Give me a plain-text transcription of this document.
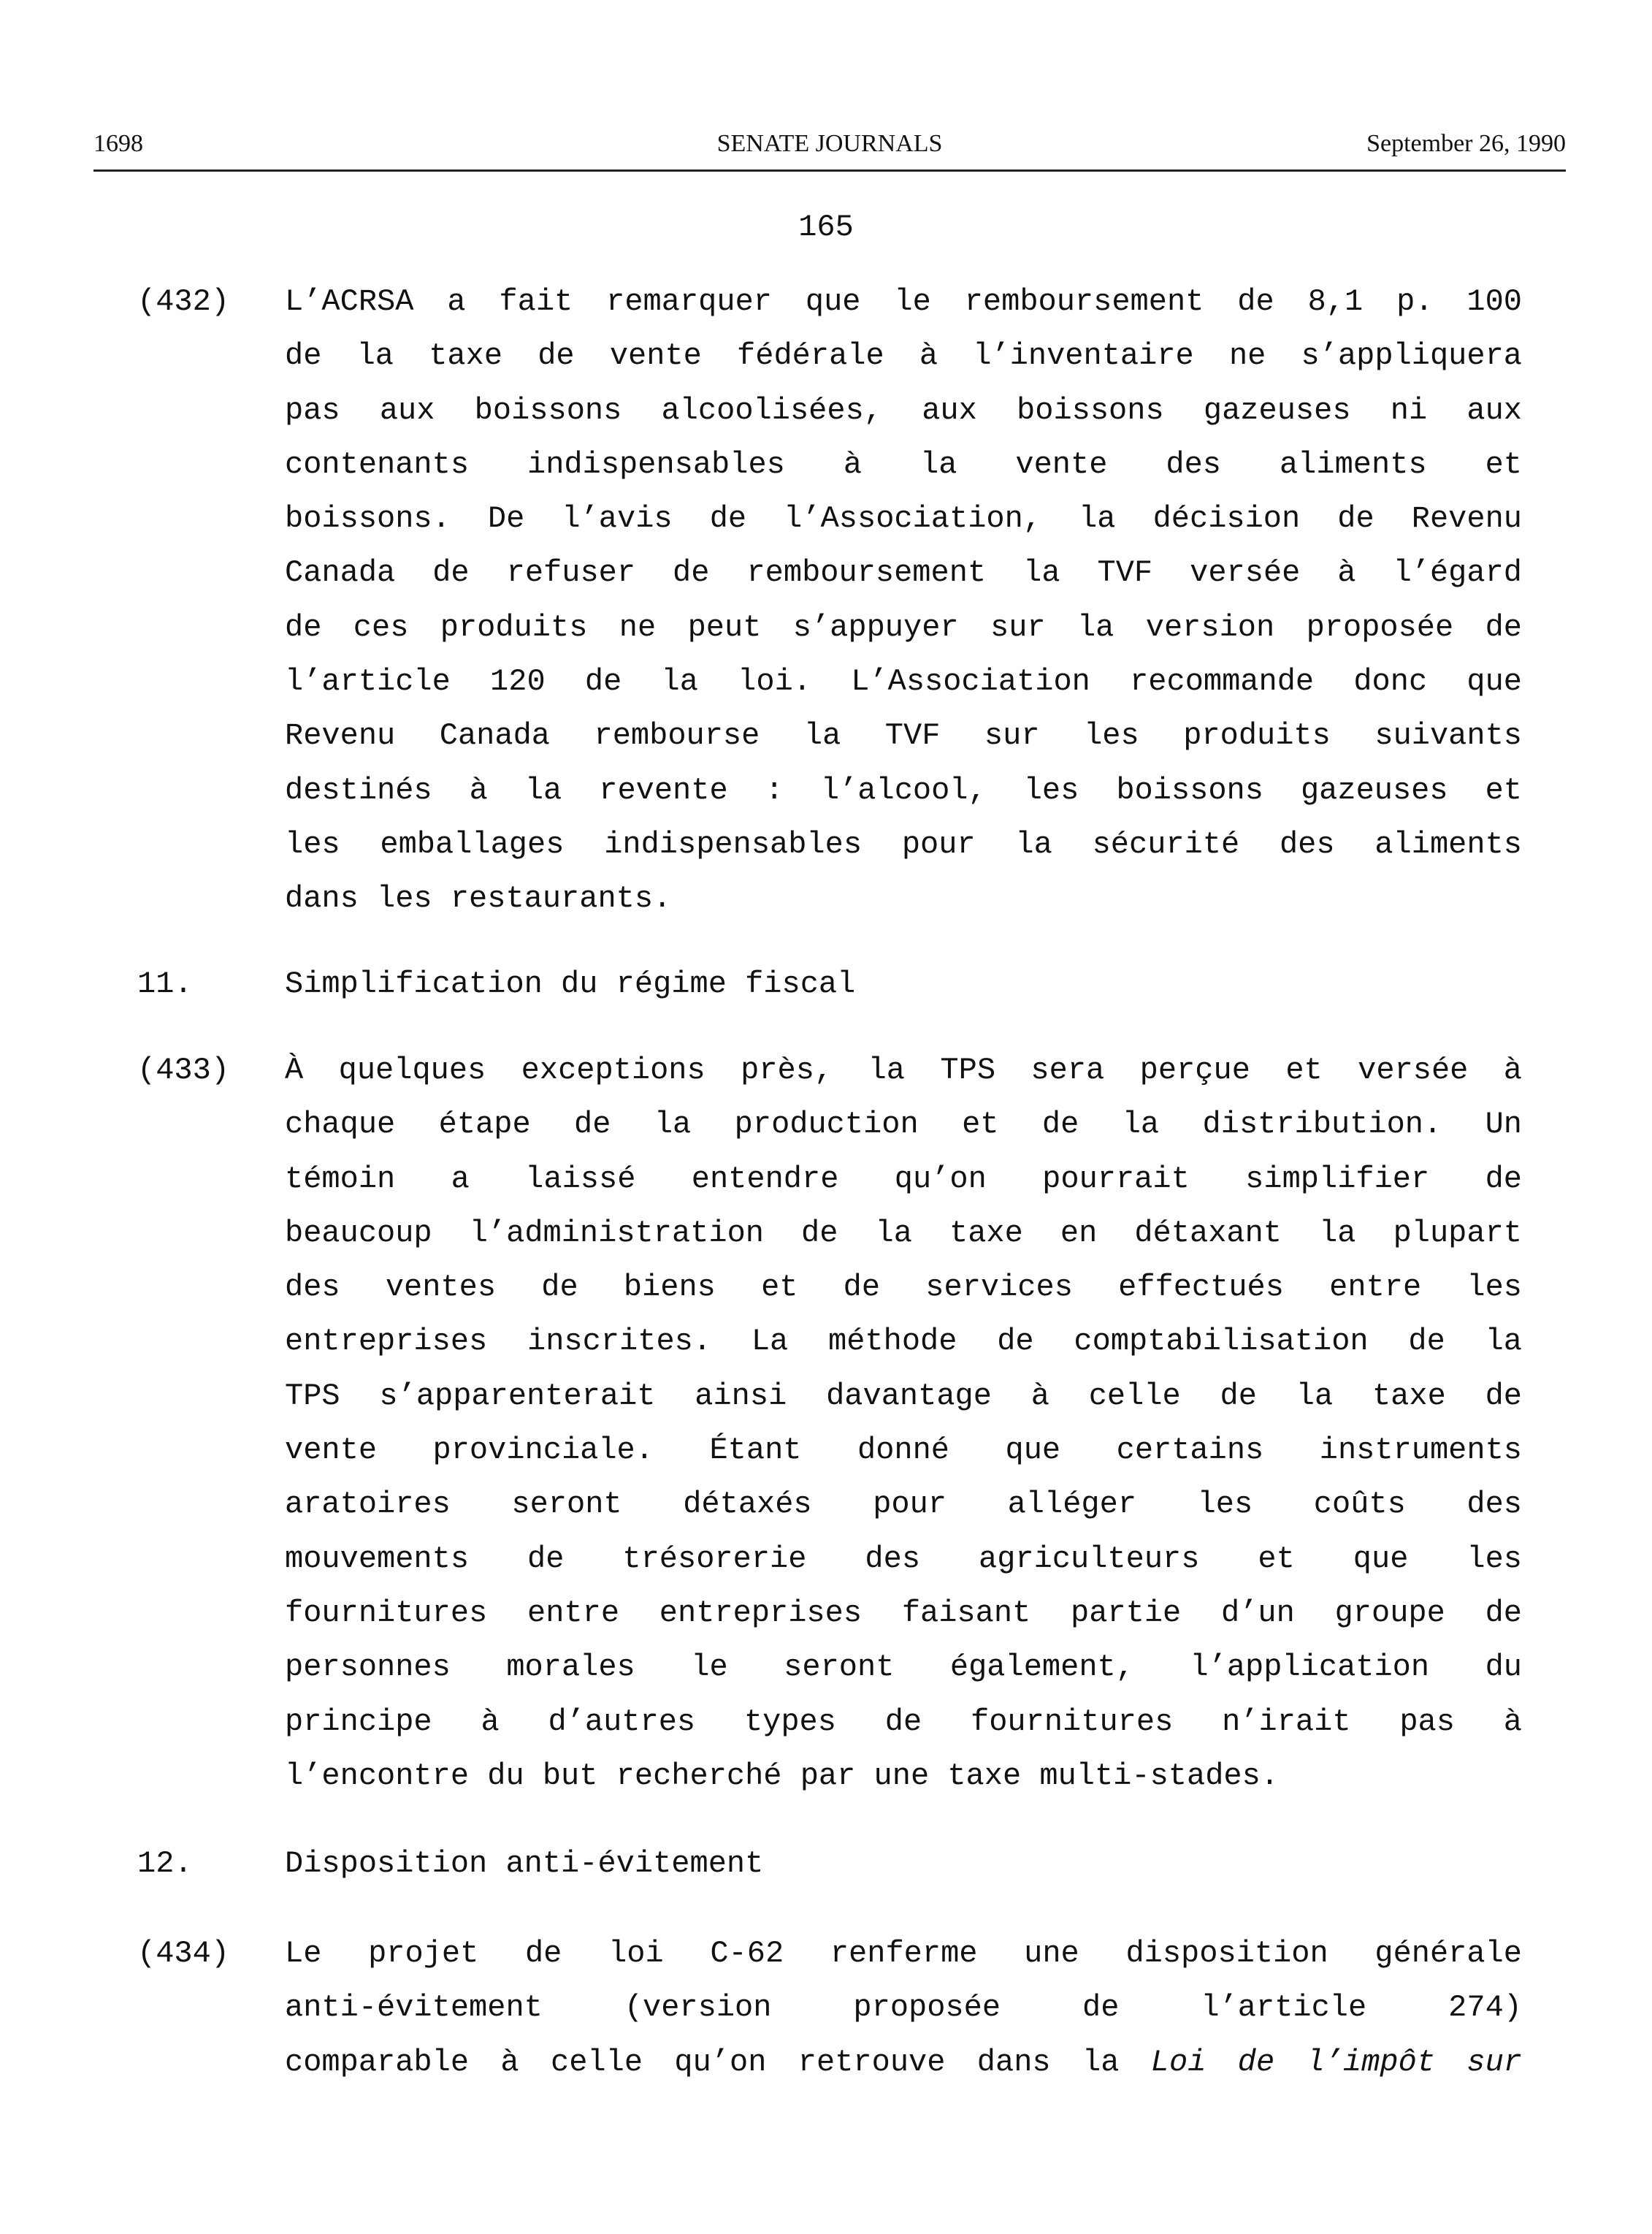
1698	SENATE JOURNALS	September 26, 1990
165
(432) L’ACRSA a fait remarquer que le remboursement de 8,1 p. 100
de la taxe de vente fédérale à l’inventaire ne s’appliquera
pas aux boissons alcoolisées, aux boissons gazeuses ni aux
contenants indispensables à la vente des aliments et
boissons. De l’avis de l’Association, la décision de Revenu
Canada de refuser de remboursement la TVF versée à l’égard
de ces produits ne peut s’appuyer sur la version proposée de
l’article 120 de la loi. L’Association recommande donc que
Revenu Canada rembourse la TVF sur les produits suivants
destinés à la revente : l’alcool, les boissons gazeuses et
les emballages indispensables pour la sécurité des aliments
dans les restaurants.
11.	Simplification du régime fiscal
(433) À quelques exceptions près, la TPS sera perçue et versée à
chaque étape de la production et de la distribution. Un
témoin a laissé entendre qu’on pourrait simplifier de
beaucoup l’administration de la taxe en détaxant la plupart
des ventes de biens et de services effectués entre les
entreprises inscrites. La méthode de comptabilisation de la
TPS s’apparenterait ainsi davantage à celle de la taxe de
vente provinciale. Étant donné que certains instruments
aratoires seront détaxés pour alléger les coûts des
mouvements de trésorerie des agriculteurs et que les
fournitures entre entreprises faisant partie d’un groupe de
personnes morales le seront également, l’application du
principe à d’autres types de fournitures n’irait pas à
l’encontre du but recherché par une taxe multi-stades.
12.	Disposition anti-évitement
(434) Le projet de loi C-62 renferme une disposition générale
anti-évitement (version proposée de l’article 274)
comparable à celle qu’on retrouve dans la Loi de l’impôt sur
